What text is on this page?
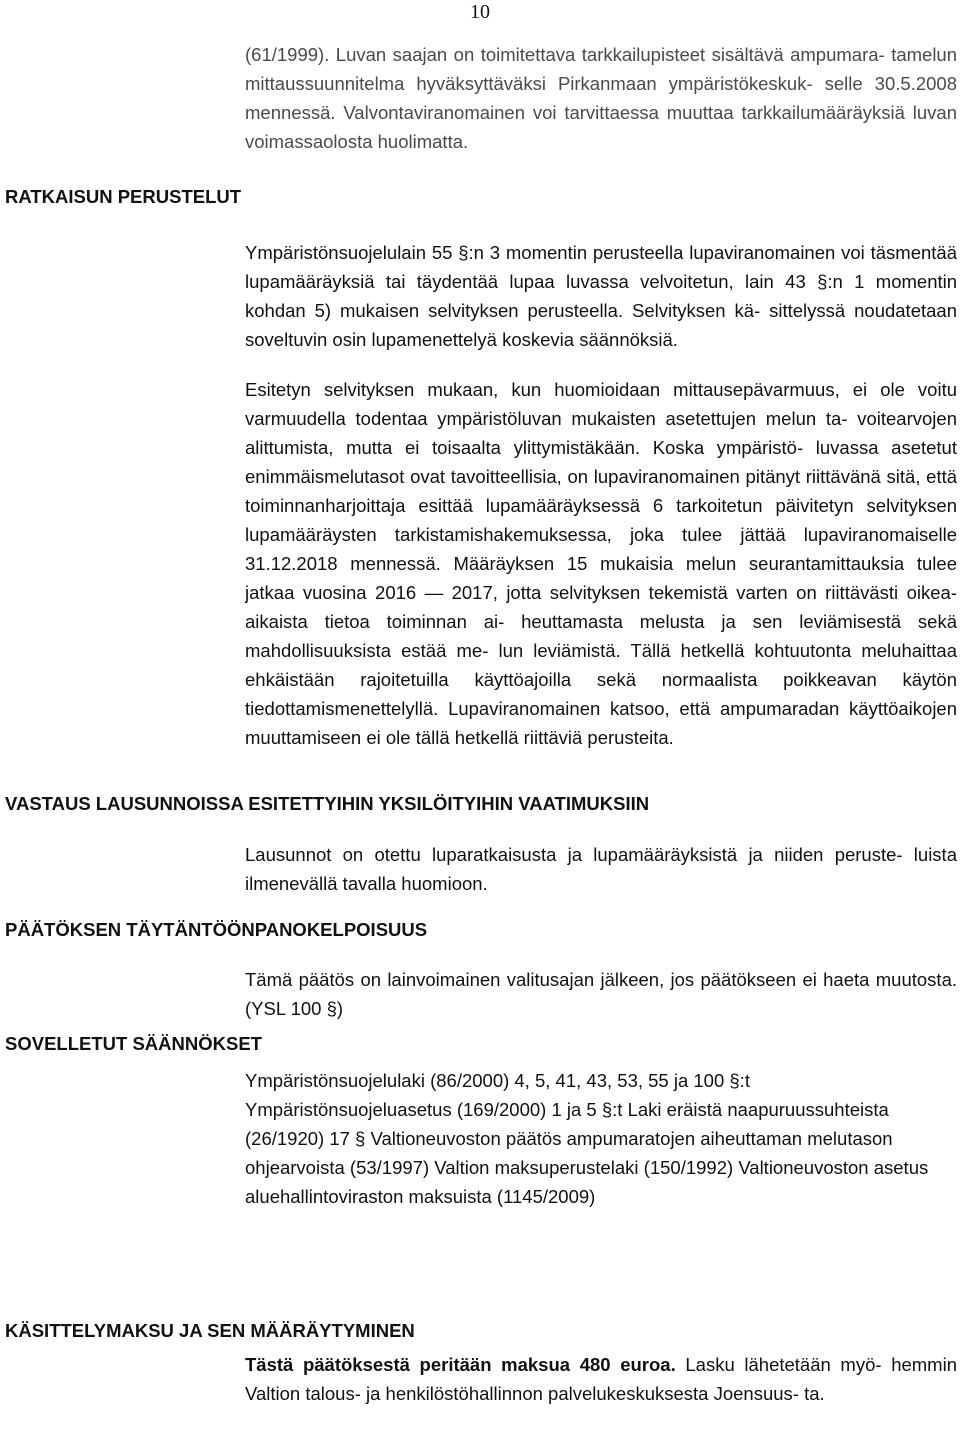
10
(61/1999). Luvan saajan on toimitettava tarkkailupisteet sisältävä ampumara- tamelun mittaussuunnitelma hyväksyttäväksi Pirkanmaan ympäristökeskuk- selle 30.5.2008 mennessä. Valvontaviranomainen voi tarvittaessa muuttaa tarkkailumääräyksiä luvan voimassaolosta huolimatta.
RATKAISUN PERUSTELUT
Ympäristönsuojelulain 55 §:n 3 momentin perusteella lupaviranomainen voi täsmentää lupamääräyksiä tai täydentää lupaa luvassa velvoitetun, lain 43 §:n 1 momentin kohdan 5) mukaisen selvityksen perusteella. Selvityksen kä- sittelyssä noudatetaan soveltuvin osin lupamenettelyä koskevia säännöksiä.
Esitetyn selvityksen mukaan, kun huomioidaan mittausepävarmuus, ei ole voitu varmuudella todentaa ympäristöluvan mukaisten asetettujen melun ta- voitearvojen alittumista, mutta ei toisaalta ylittymistäkään. Koska ympäristö- luvassa asetetut enimmäismelutasot ovat tavoitteellisia, on lupaviranomainen pitänyt riittävänä sitä, että toiminnanharjoittaja esittää lupamääräyksessä 6 tarkoitetun päivitetyn selvityksen lupamääräysten tarkistamishakemuksessa, joka tulee jättää lupaviranomaiselle 31.12.2018 mennessä. Määräyksen 15 mukaisia melun seurantamittauksia tulee jatkaa vuosina 2016 — 2017, jotta selvityksen tekemistä varten on riittävästi oikea-aikaista tietoa toiminnan ai- heuttamasta melusta ja sen leviämisestä sekä mahdollisuuksista estää me- lun leviämistä. Tällä hetkellä kohtuutonta meluhaittaa ehkäistään rajoitetuilla käyttöajoilla sekä normaalista poikkeavan käytön tiedottamismenettelyllä. Lupaviranomainen katsoo, että ampumaradan käyttöaikojen muuttamiseen ei ole tällä hetkellä riittäviä perusteita.
VASTAUS LAUSUNNOISSA ESITETTYIHIN YKSILÖITYIHIN VAATIMUKSIIN
Lausunnot on otettu luparatkaisusta ja lupamääräyksistä ja niiden peruste- luista ilmenevällä tavalla huomioon.
PÄÄTÖKSEN TÄYTÄNTÖÖNPANOKELPOISUUS
Tämä päätös on lainvoimainen valitusajan jälkeen, jos päätökseen ei haeta muutosta. (YSL 100 §)
SOVELLETUT SÄÄNNÖKSET
Ympäristönsuojelulaki (86/2000) 4, 5, 41, 43, 53, 55 ja 100 §:t Ympäristönsuojeluasetus (169/2000) 1 ja 5 §:t Laki eräistä naapuruussuhteista (26/1920) 17 § Valtioneuvoston päätös ampumaratojen aiheuttaman melutason ohjearvoista (53/1997) Valtion maksuperustelaki (150/1992) Valtioneuvoston asetus aluehallintoviraston maksuista (1145/2009)
KÄSITTELYMAKSU JA SEN MÄÄRÄYTYMINEN
Tästä päätöksestä peritään maksua 480 euroa. Lasku lähetetään myö- hemmin Valtion talous- ja henkilöstöhallinnon palvelukeskuksesta Joensuus- ta.
